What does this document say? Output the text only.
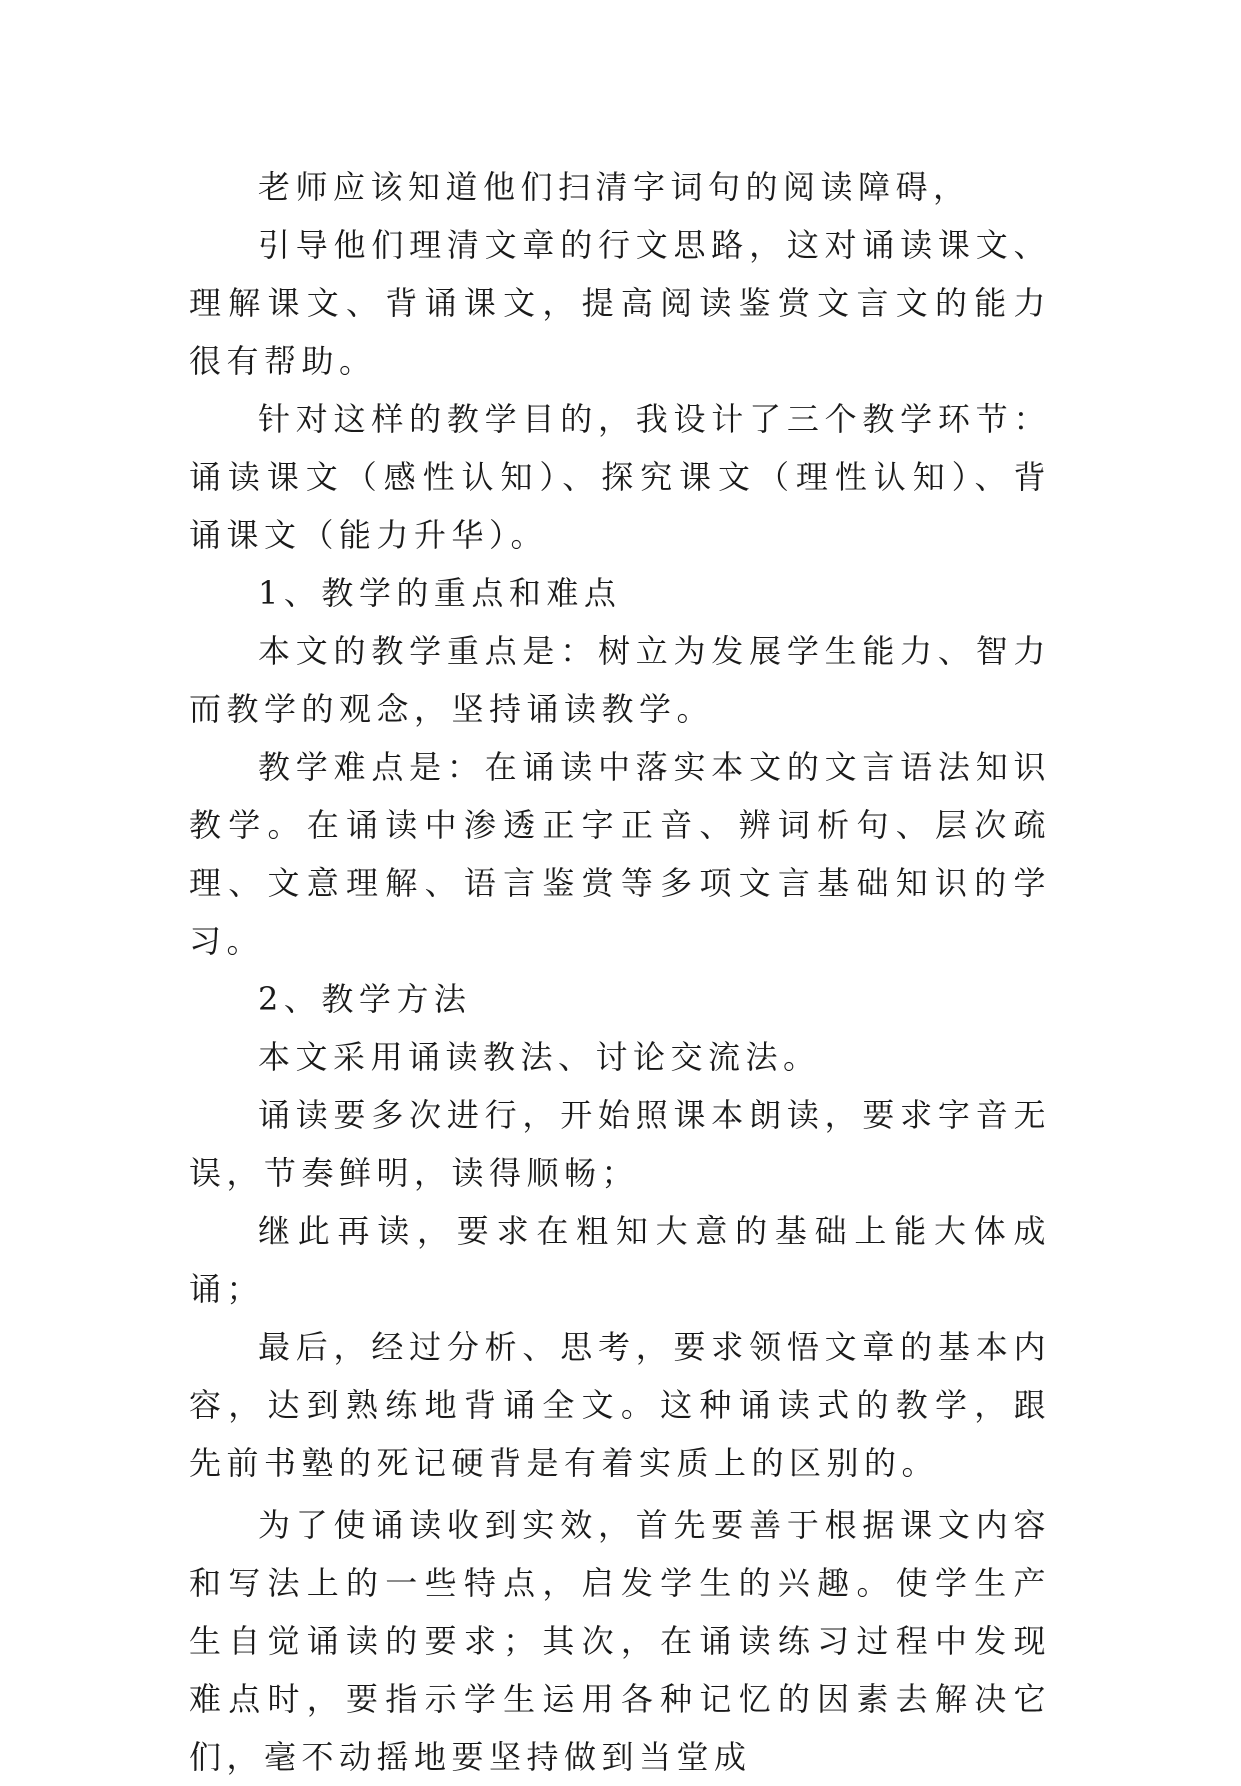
老师应该知道他们扫清字词句的阅读障碍，

引导他们理清文章的行文思路，这对诵读课文、理解课文、背诵课文，提高阅读鉴赏文言文的能力很有帮助。

针对这样的教学目的，我设计了三个教学环节：诵读课文（感性认知）、探究课文（理性认知）、背诵课文（能力升华）。

1、教学的重点和难点

本文的教学重点是：树立为发展学生能力、智力而教学的观念，坚持诵读教学。

教学难点是：在诵读中落实本文的文言语法知识教学。在诵读中渗透正字正音、辨词析句、层次疏理、文意理解、语言鉴赏等多项文言基础知识的学习。

2、教学方法

本文采用诵读教法、讨论交流法。

诵读要多次进行，开始照课本朗读，要求字音无误，节奏鲜明，读得顺畅；

继此再读，要求在粗知大意的基础上能大体成诵；

最后，经过分析、思考，要求领悟文章的基本内容，达到熟练地背诵全文。这种诵读式的教学，跟先前书塾的死记硬背是有着实质上的区别的。

为了使诵读收到实效，首先要善于根据课文内容和写法上的一些特点，启发学生的兴趣。使学生产生自觉诵读的要求；其次，在诵读练习过程中发现难点时，要指示学生运用各种记忆的因素去解决它们，毫不动摇地要坚持做到当堂成
